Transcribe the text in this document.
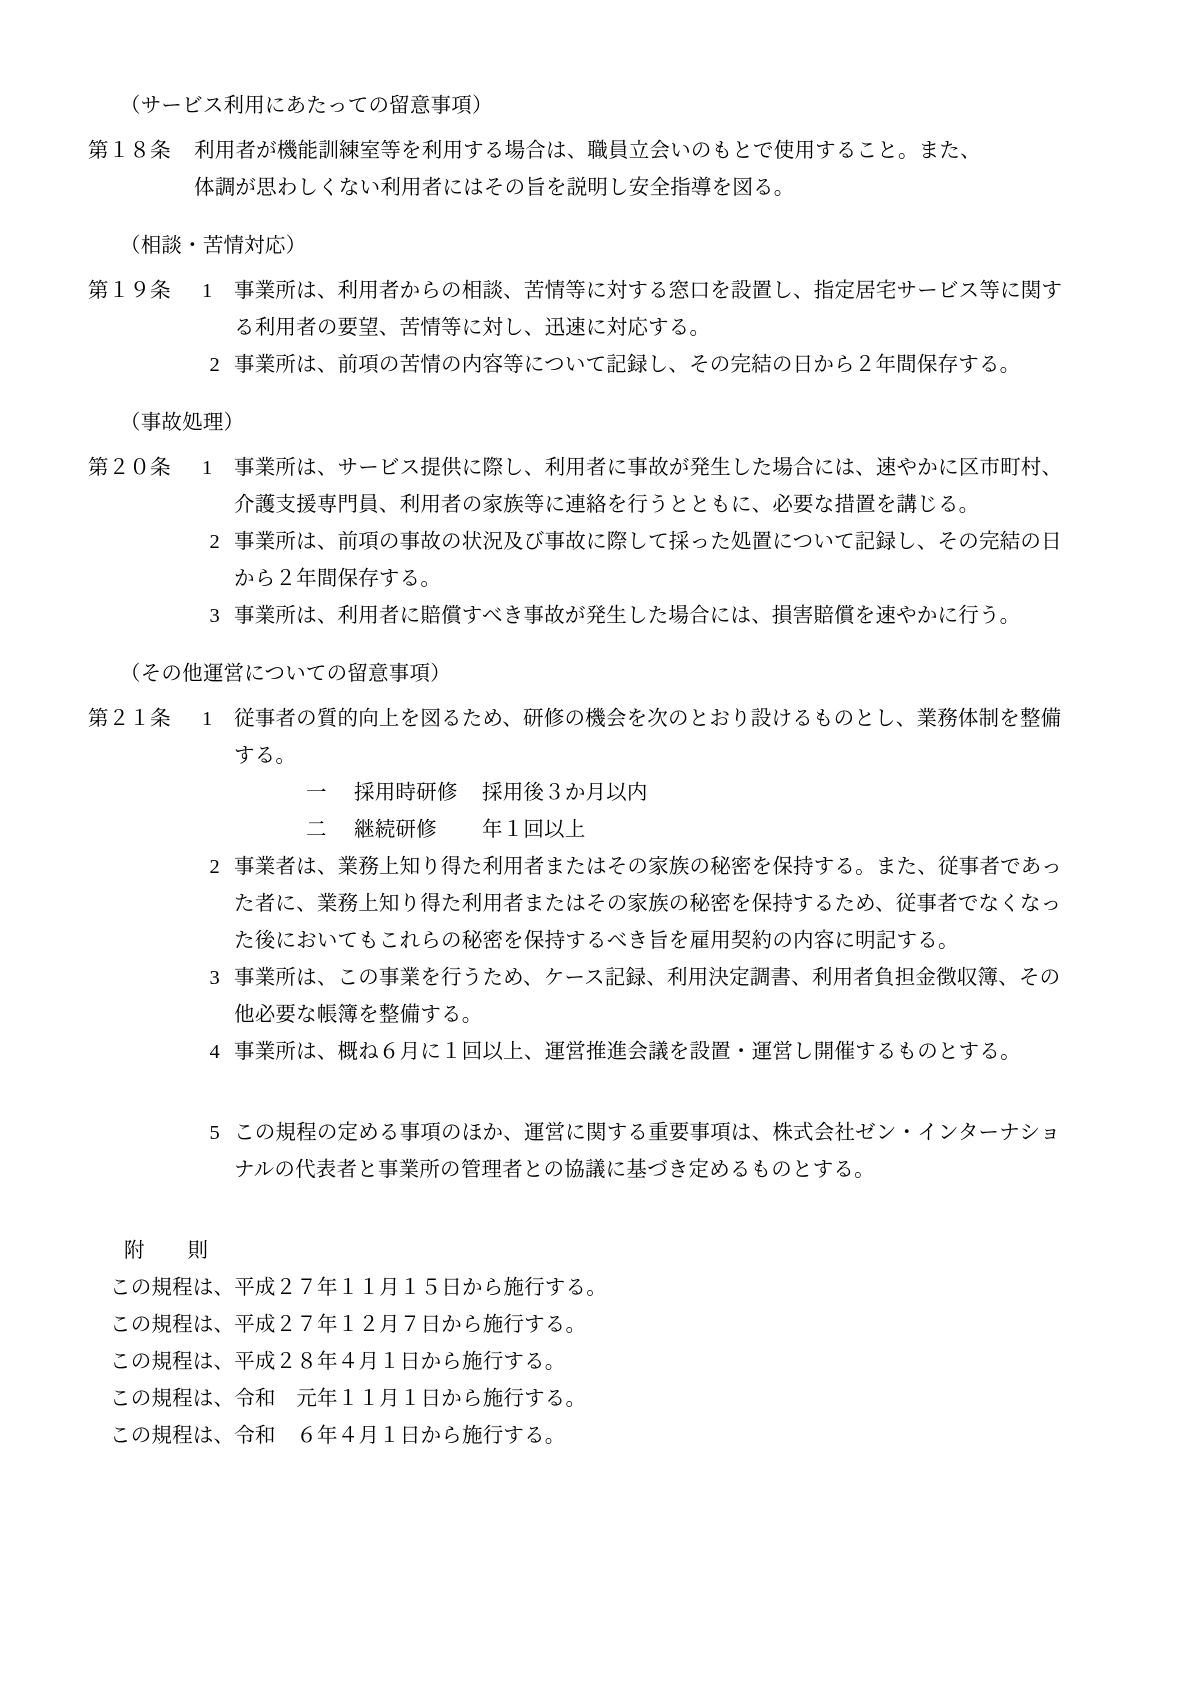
（サービス利用にあたっての留意事項）
第１８条	利用者が機能訓練室等を利用する場合は、職員立会いのもとで使用すること。また、
体調が思わしくない利用者にはその旨を説明し安全指導を図る。
（相談・苦情対応）
第１９条	1	事業所は、利用者からの相談、苦情等に対する窓口を設置し、指定居宅サービス等に関す
る利用者の要望、苦情等に対し、迅速に対応する。
2 事業所は、前項の苦情の内容等について記録し、その完結の日から２年間保存する。
（事故処理）
第２０条	1	事業所は、サービス提供に際し、利用者に事故が発生した場合には、速やかに区市町村、
介護支援専門員、利用者の家族等に連絡を行うとともに、必要な措置を講じる。
2 事業所は、前項の事故の状況及び事故に際して採った処置について記録し、その完結の日
から２年間保存する。
3 事業所は、利用者に賠償すべき事故が発生した場合には、損害賠償を速やかに行う。
（その他運営についての留意事項）
第２１条	1	従事者の質的向上を図るため、研修の機会を次のとおり設けるものとし、業務体制を整備
する。
一	採用時研修	採用後３か月以内
二	継続研修	年１回以上
2 事業者は、業務上知り得た利用者またはその家族の秘密を保持する。また、従事者であっ
た者に、業務上知り得た利用者またはその家族の秘密を保持するため、従事者でなくなっ
た後においてもこれらの秘密を保持するべき旨を雇用契約の内容に明記する。
3 事業所は、この事業を行うため、ケース記録、利用決定調書、利用者負担金徴収簿、その
他必要な帳簿を整備する。
4 事業所は、概ね６月に１回以上、運営推進会議を設置・運営し開催するものとする。
5 この規程の定める事項のほか、運営に関する重要事項は、株式会社ゼン・インターナショ
ナルの代表者と事業所の管理者との協議に基づき定めるものとする。
附　則
この規程は、平成２７年１１月１５日から施行する。
この規程は、平成２７年１２月７日から施行する。
この規程は、平成２８年４月１日から施行する。
この規程は、令和　元年１１月１日から施行する。
この規程は、令和　６年４月１日から施行する。
